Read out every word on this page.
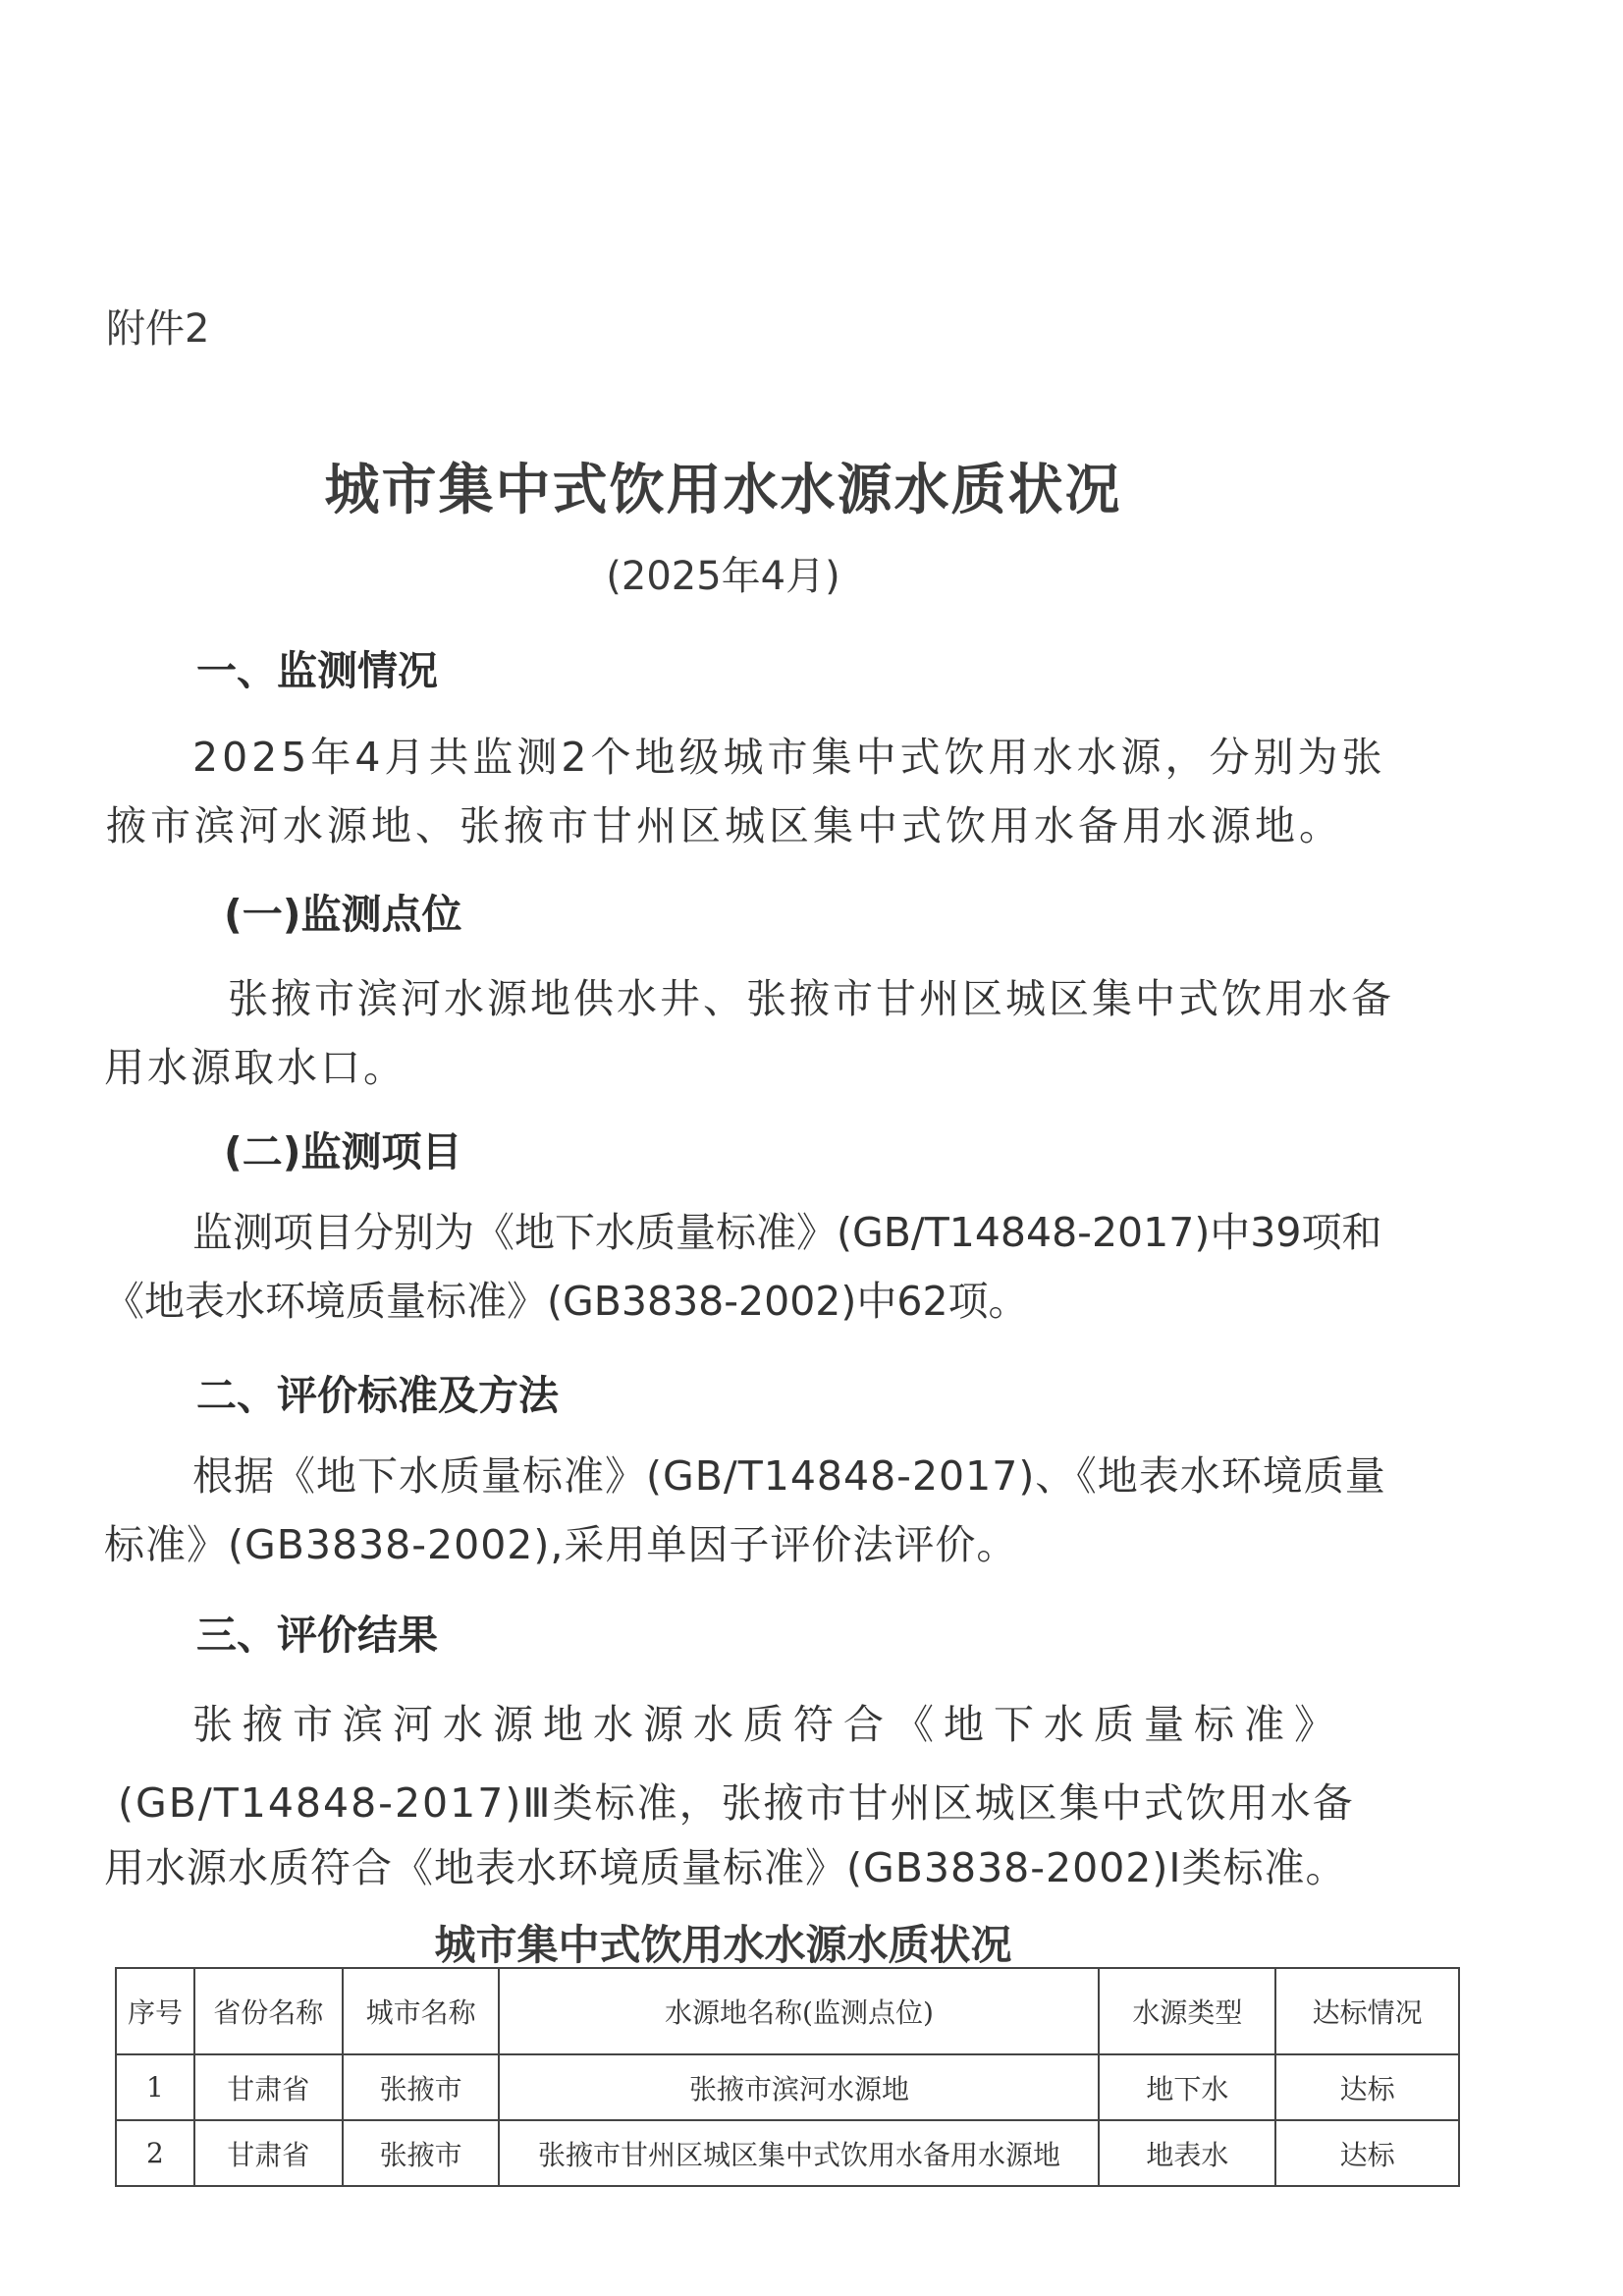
附件2
城市集中式饮用水水源水质状况
(2025年4月)
一、监测情况
2025年4月共监测2个地级城市集中式饮用水水源，分别为张
掖市滨河水源地、张掖市甘州区城区集中式饮用水备用水源地。
(一)监测点位
张掖市滨河水源地供水井、张掖市甘州区城区集中式饮用水备
用水源取水口。
(二)监测项目
监测项目分别为《地下水质量标准》(GB/T14848-2017)中39项和
《地表水环境质量标准》(GB3838-2002)中62项。
二、评价标准及方法
根据《地下水质量标准》(GB/T14848-2017)、《地表水环境质量
标准》(GB3838-2002),采用单因子评价法评价。
三、评价结果
张掖市滨河水源地水源水质符合《地下水质量标准》
(GB/T14848-2017)Ⅲ类标准，张掖市甘州区城区集中式饮用水备
用水源水质符合《地表水环境质量标准》(GB3838-2002)Ⅰ类标准。
城市集中式饮用水水源水质状况
序号	省份名称	城市名称	水源地名称(监测点位)	水源类型	达标情况
1	甘肃省	张掖市	张掖市滨河水源地	地下水	达标
2	甘肃省	张掖市	张掖市甘州区城区集中式饮用水备用水源地	地表水	达标
